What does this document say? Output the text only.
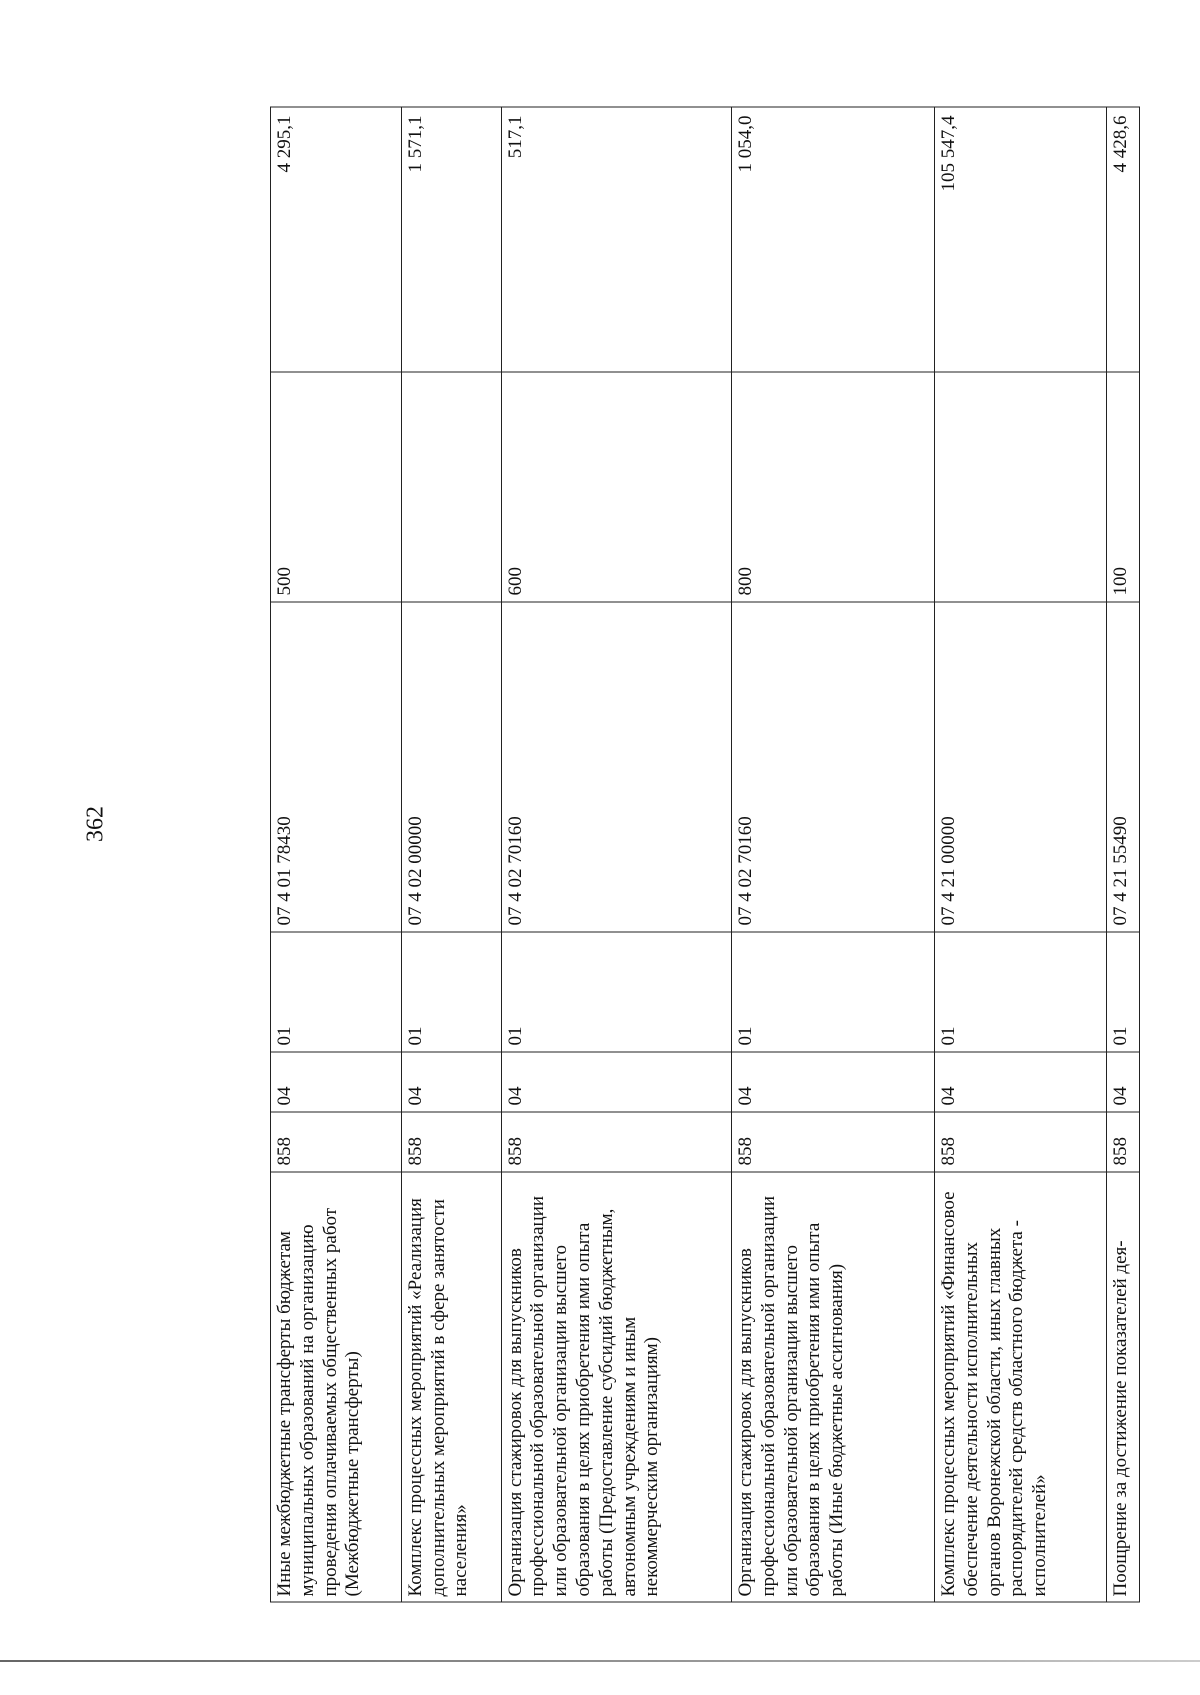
362
Иные межбюджетные трансферты бюджетам муниципальных образований на организацию проведения оплачиваемых общественных работ (Межбюджетные трансферты)	858	04	01	07 4 01 78430	500	4 295,1
Комплекс процессных мероприятий «Реализация дополнительных мероприятий в сфере занятости населения»	858	04	01	07 4 02 00000		1 571,1
Организация стажировок для выпускников профессиональной образовательной организации или образовательной организации высшего образования в целях приобретения ими опыта работы (Предоставление субсидий бюджетным, автономным учреждениям и иным некоммерческим организациям)	858	04	01	07 4 02 70160	600	517,1
Организация стажировок для выпускников профессиональной образовательной организации или образовательной организации высшего образования в целях приобретения ими опыта работы (Иные бюджетные ассигнования)	858	04	01	07 4 02 70160	800	1 054,0
Комплекс процессных мероприятий «Финансовое обеспечение деятельности исполнительных органов Воронежской области, иных главных распорядителей средств областного бюджета - исполнителей»	858	04	01	07 4 21 00000		105 547,4
Поощрение за достижение показателей дея-	858	04	01	07 4 21 55490	100	4 428,6
